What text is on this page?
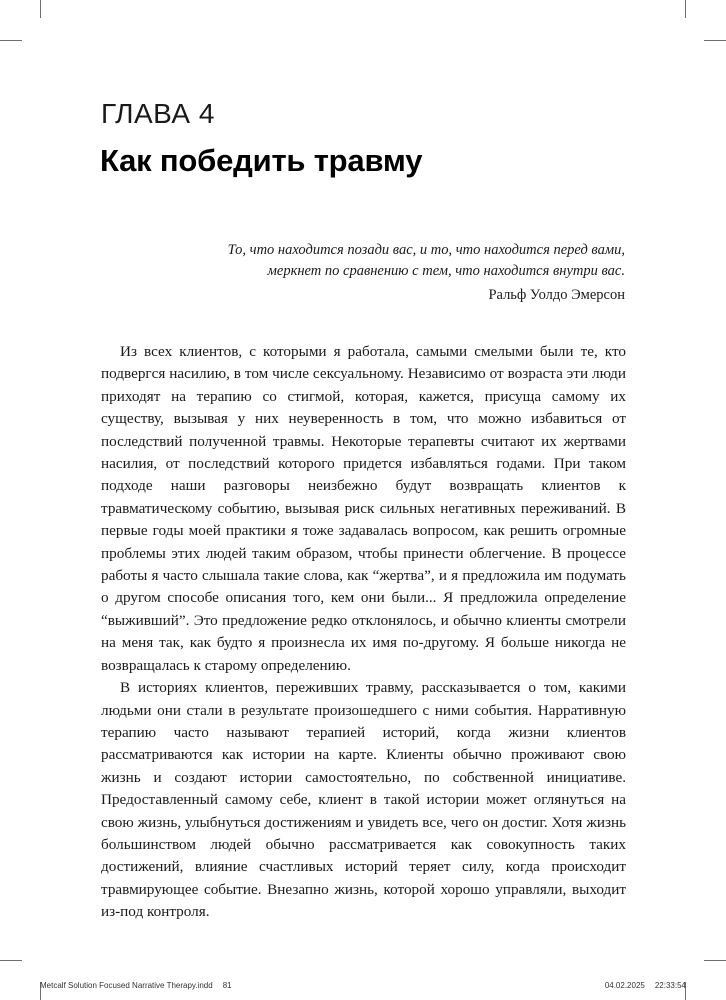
ГЛАВА 4
Как победить травму
То, что находится позади вас, и то, что находится перед вами,
меркнет по сравнению с тем, что находится внутри вас.
Ральф Уолдо Эмерсон

Из всех клиентов, с которыми я работала, самыми смелыми были те, кто подвергся насилию, в том числе сексуальному. Независимо от возраста эти люди приходят на терапию со стигмой, которая, кажется, присуща самому их существу, вызывая у них неуверенность в том, что можно избавиться от последствий полученной травмы. Некоторые терапевты считают их жертвами насилия, от последствий которого придется избавляться годами. При таком подходе наши разговоры неизбежно будут возвращать клиентов к травматическому событию, вызывая риск сильных негативных переживаний. В первые годы моей практики я тоже задавалась вопросом, как решить огромные проблемы этих людей таким образом, чтобы принести облегчение. В процессе работы я часто слышала такие слова, как “жертва”, и я предложила им подумать о другом способе описания того, кем они были... Я предложила определение “выживший”. Это предложение редко отклонялось, и обычно клиенты смотрели на меня так, как будто я произнесла их имя по-другому. Я больше никогда не возвращалась к старому определению.

В историях клиентов, переживших травму, рассказывается о том, какими людьми они стали в результате произошедшего с ними события. Нарративную терапию часто называют терапией историй, когда жизни клиентов рассматриваются как истории на карте. Клиенты обычно проживают свою жизнь и создают истории самостоятельно, по собственной инициативе. Предоставленный самому себе, клиент в такой истории может оглянуться на свою жизнь, улыбнуться достижениям и увидеть все, чего он достиг. Хотя жизнь большинством людей обычно рассматривается как совокупность таких достижений, влияние счастливых историй теряет силу, когда происходит травмирующее событие. Внезапно жизнь, которой хорошо управляли, выходит из-под контроля.

Metcalf Solution Focused Narrative Therapy.indd 81	04.02.2025 22:33:54
